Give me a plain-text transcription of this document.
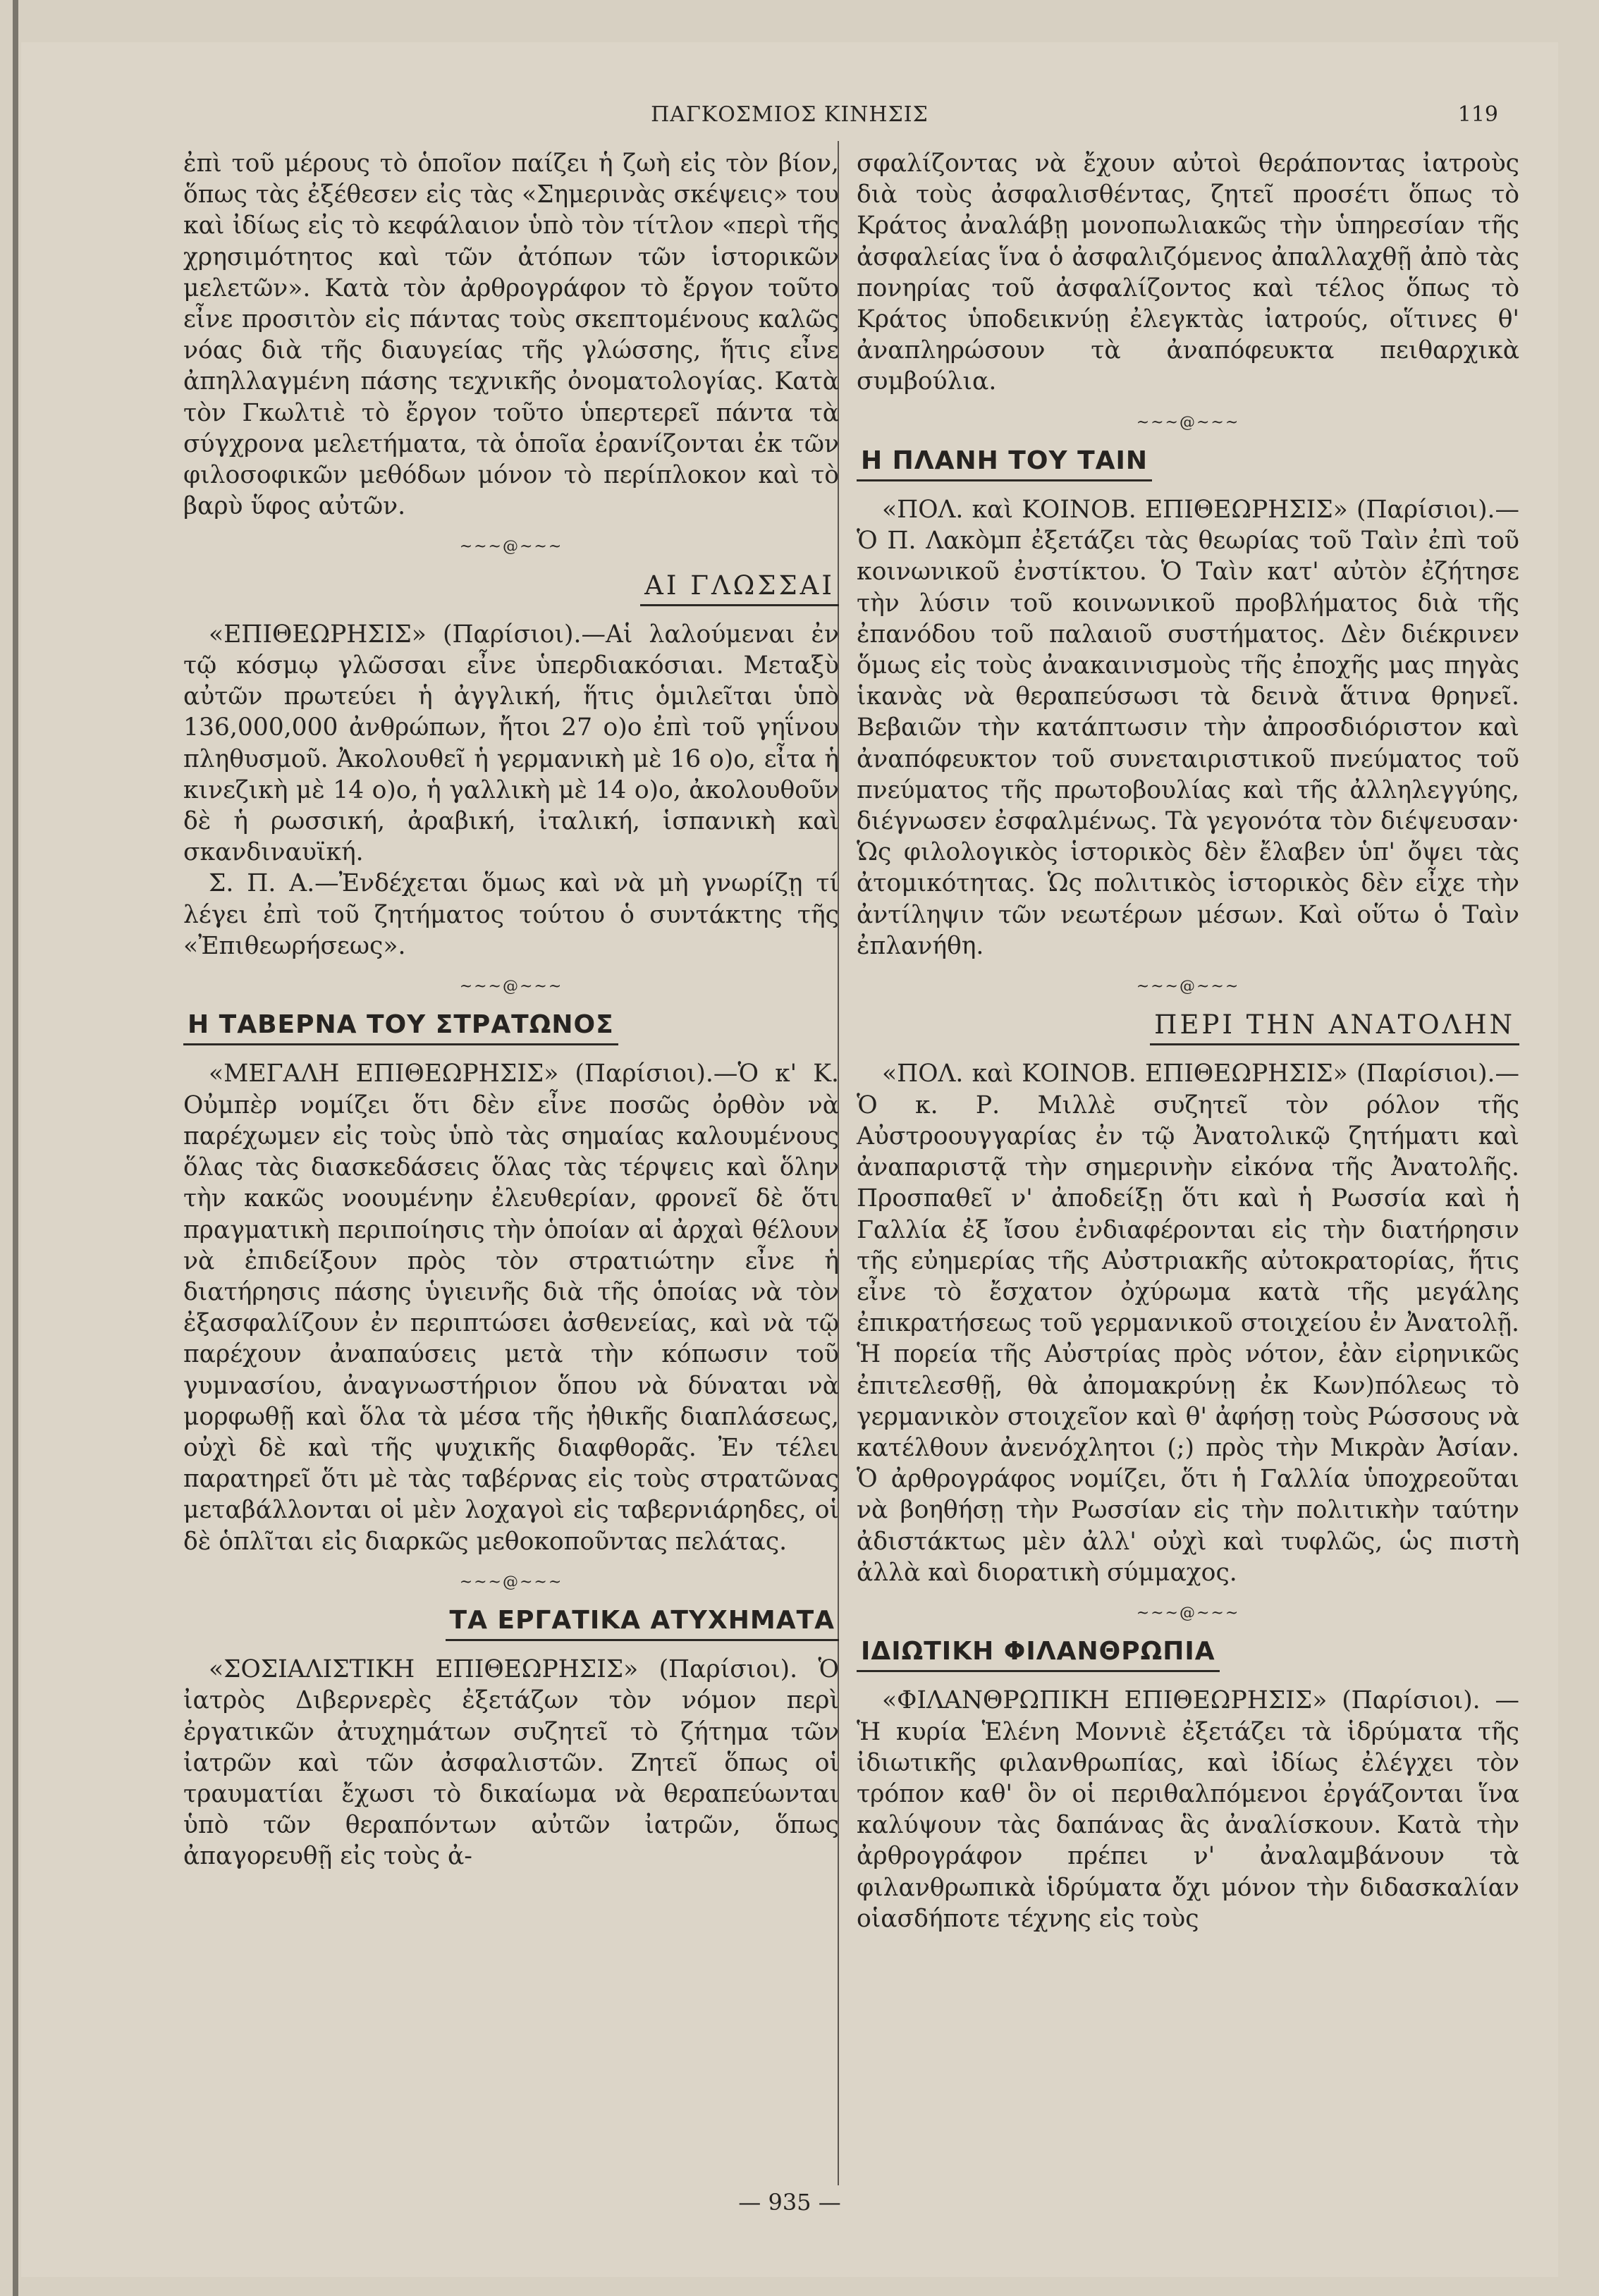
ΠΑΓΚΟΣΜΙΟΣ ΚΙΝΗΣΙΣ	119

ἐπὶ τοῦ μέρους τὸ ὁποῖον παίζει ἡ ζωὴ εἰς τὸν βίον, ὅπως τὰς ἐξέθεσεν εἰς τὰς «Σημερινὰς σκέψεις» του καὶ ἰδίως εἰς τὸ κεφάλαιον ὑπὸ τὸν τίτλον «περὶ τῆς χρησιμότητος καὶ τῶν ἀτόπων τῶν ἱστορικῶν μελετῶν». Κατὰ τὸν ἀρθρογράφον τὸ ἔργον τοῦτο εἶνε προσιτὸν εἰς πάντας τοὺς σκεπτομένους καλῶς νόας διὰ τῆς διαυγείας τῆς γλώσσης, ἥτις εἶνε ἀπηλλαγμένη πάσης τεχνικῆς ὀνοματολογίας. Κατὰ τὸν Γκωλτιὲ τὸ ἔργον τοῦτο ὑπερτερεῖ πάντα τὰ σύγχρονα μελετήματα, τὰ ὁποῖα ἐρανίζονται ἐκ τῶν φιλοσοφικῶν μεθόδων μόνον τὸ περίπλοκον καὶ τὸ βαρὺ ὕφος αὐτῶν.

~~~@~~~
ΑΙ ΓΛΩΣΣΑΙ

«ΕΠΙΘΕΩΡΗΣΙΣ» (Παρίσιοι).—Αἱ λαλούμεναι ἐν τῷ κόσμῳ γλῶσσαι εἶνε ὑπερδιακόσιαι. Μεταξὺ αὐτῶν πρωτεύει ἡ ἀγγλική, ἥτις ὁμιλεῖται ὑπὸ 136,000,000 ἀνθρώπων, ἤτοι 27 ο)ο ἐπὶ τοῦ γηΐνου πληθυσμοῦ. Ἀκολουθεῖ ἡ γερμανικὴ μὲ 16 ο)ο, εἶτα ἡ κινεζικὴ μὲ 14 ο)ο, ἡ γαλλικὴ μὲ 14 ο)ο, ἀκολουθοῦν δὲ ἡ ρωσσική, ἀραβική, ἰταλική, ἱσπανικὴ καὶ σκανδιναυϊκή.

Σ. Π. Α.—Ἐνδέχεται ὅμως καὶ νὰ μὴ γνωρίζῃ τί λέγει ἐπὶ τοῦ ζητήματος τούτου ὁ συντάκτης τῆς «Ἐπιθεωρήσεως».

~~~@~~~
Η ΤΑΒΕΡΝΑ ΤΟΥ ΣΤΡΑΤΩΝΟΣ

«ΜΕΓΑΛΗ ΕΠΙΘΕΩΡΗΣΙΣ» (Παρίσιοι).—Ὁ κ' Κ. Οὐμπὲρ νομίζει ὅτι δὲν εἶνε ποσῶς ὀρθὸν νὰ παρέχωμεν εἰς τοὺς ὑπὸ τὰς σημαίας καλουμένους ὅλας τὰς διασκεδάσεις ὅλας τὰς τέρψεις καὶ ὅλην τὴν κακῶς νοουμένην ἐλευθερίαν, φρονεῖ δὲ ὅτι πραγματικὴ περιποίησις τὴν ὁποίαν αἱ ἀρχαὶ θέλουν νὰ ἐπιδείξουν πρὸς τὸν στρατιώτην εἶνε ἡ διατήρησις πάσης ὑγιεινῆς διὰ τῆς ὁποίας νὰ τὸν ἐξασφαλίζουν ἐν περιπτώσει ἀσθενείας, καὶ νὰ τῷ παρέχουν ἀναπαύσεις μετὰ τὴν κόπωσιν τοῦ γυμνασίου, ἀναγνωστήριον ὅπου νὰ δύναται νὰ μορφωθῇ καὶ ὅλα τὰ μέσα τῆς ἠθικῆς διαπλάσεως, οὐχὶ δὲ καὶ τῆς ψυχικῆς διαφθορᾶς. Ἐν τέλει παρατηρεῖ ὅτι μὲ τὰς ταβέρνας εἰς τοὺς στρατῶνας μεταβάλλονται οἱ μὲν λοχαγοὶ εἰς ταβερνιάρηδες, οἱ δὲ ὁπλῖται εἰς διαρκῶς μεθοκοποῦντας πελάτας.

~~~@~~~
ΤΑ ΕΡΓΑΤΙΚΑ ΑΤΥΧΗΜΑΤΑ

«ΣΟΣΙΑΛΙΣΤΙΚΗ ΕΠΙΘΕΩΡΗΣΙΣ» (Παρίσιοι). Ὁ ἰατρὸς Διβερνερὲς ἐξετάζων τὸν νόμον περὶ ἐργατικῶν ἀτυχημάτων συζητεῖ τὸ ζήτημα τῶν ἰατρῶν καὶ τῶν ἀσφαλιστῶν. Ζητεῖ ὅπως οἱ τραυματίαι ἔχωσι τὸ δικαίωμα νὰ θεραπεύωνται ὑπὸ τῶν θεραπόντων αὐτῶν ἰατρῶν, ὅπως ἀπαγορευθῇ εἰς τοὺς ἀ-

σφαλίζοντας νὰ ἔχουν αὐτοὶ θεράποντας ἰατροὺς διὰ τοὺς ἀσφαλισθέντας, ζητεῖ προσέτι ὅπως τὸ Κράτος ἀναλάβῃ μονοπωλιακῶς τὴν ὑπηρεσίαν τῆς ἀσφαλείας ἵνα ὁ ἀσφαλιζόμενος ἀπαλλαχθῇ ἀπὸ τὰς πονηρίας τοῦ ἀσφαλίζοντος καὶ τέλος ὅπως τὸ Κράτος ὑποδεικνύῃ ἐλεγκτὰς ἰατρούς, οἵτινες θ' ἀναπληρώσουν τὰ ἀναπόφευκτα πειθαρχικὰ συμβούλια.

~~~@~~~
Η ΠΛΑΝΗ ΤΟΥ ΤΑΙΝ

«ΠΟΛ. καὶ ΚΟΙΝΟΒ. ΕΠΙΘΕΩΡΗΣΙΣ» (Παρίσιοι).— Ὁ Π. Λακὸμπ ἐξετάζει τὰς θεωρίας τοῦ Ταὶν ἐπὶ τοῦ κοινωνικοῦ ἐνστίκτου. Ὁ Ταὶν κατ' αὐτὸν ἐζήτησε τὴν λύσιν τοῦ κοινωνικοῦ προβλήματος διὰ τῆς ἐπανόδου τοῦ παλαιοῦ συστήματος. Δὲν διέκρινεν ὅμως εἰς τοὺς ἀνακαινισμοὺς τῆς ἐποχῆς μας πηγὰς ἱκανὰς νὰ θεραπεύσωσι τὰ δεινὰ ἅτινα θρηνεῖ. Βεβαιῶν τὴν κατάπτωσιν τὴν ἀπροσδιόριστον καὶ ἀναπόφευκτον τοῦ συνεταιριστικοῦ πνεύματος τοῦ πνεύματος τῆς πρωτοβουλίας καὶ τῆς ἀλληλεγγύης, διέγνωσεν ἐσφαλμένως. Τὰ γεγονότα τὸν διέψευσαν· Ὡς φιλολογικὸς ἱστορικὸς δὲν ἔλαβεν ὑπ' ὄψει τὰς ἀτομικότητας. Ὡς πολιτικὸς ἱστορικὸς δὲν εἶχε τὴν ἀντίληψιν τῶν νεωτέρων μέσων. Καὶ οὕτω ὁ Ταὶν ἐπλανήθη.

~~~@~~~
ΠΕΡΙ ΤΗΝ ΑΝΑΤΟΛΗΝ

«ΠΟΛ. καὶ ΚΟΙΝΟΒ. ΕΠΙΘΕΩΡΗΣΙΣ» (Παρίσιοι).— Ὁ κ. Ρ. Μιλλὲ συζητεῖ τὸν ρόλον τῆς Αὐστροουγγαρίας ἐν τῷ Ἀνατολικῷ ζητήματι καὶ ἀναπαριστᾷ τὴν σημερινὴν εἰκόνα τῆς Ἀνατολῆς. Προσπαθεῖ ν' ἀποδείξῃ ὅτι καὶ ἡ Ρωσσία καὶ ἡ Γαλλία ἐξ ἴσου ἐνδιαφέρονται εἰς τὴν διατήρησιν τῆς εὐημερίας τῆς Αὐστριακῆς αὐτοκρατορίας, ἥτις εἶνε τὸ ἔσχατον ὀχύρωμα κατὰ τῆς μεγάλης ἐπικρατήσεως τοῦ γερμανικοῦ στοιχείου ἐν Ἀνατολῇ. Ἡ πορεία τῆς Αὐστρίας πρὸς νότον, ἐὰν εἰρηνικῶς ἐπιτελεσθῇ, θὰ ἀπομακρύνῃ ἐκ Κων)πόλεως τὸ γερμανικὸν στοιχεῖον καὶ θ' ἀφήσῃ τοὺς Ρώσσους νὰ κατέλθουν ἀνενόχλητοι (;) πρὸς τὴν Μικρὰν Ἀσίαν. Ὁ ἀρθρογράφος νομίζει, ὅτι ἡ Γαλλία ὑποχρεοῦται νὰ βοηθήσῃ τὴν Ρωσσίαν εἰς τὴν πολιτικὴν ταύτην ἀδιστάκτως μὲν ἀλλ' οὐχὶ καὶ τυφλῶς, ὡς πιστὴ ἀλλὰ καὶ διορατικὴ σύμμαχος.

~~~@~~~
ΙΔΙΩΤΙΚΗ ΦΙΛΑΝΘΡΩΠΙΑ

«ΦΙΛΑΝΘΡΩΠΙΚΗ ΕΠΙΘΕΩΡΗΣΙΣ» (Παρίσιοι). —Ἡ κυρία Ἑλένη Μοννιὲ ἐξετάζει τὰ ἱδρύματα τῆς ἰδιωτικῆς φιλανθρωπίας, καὶ ἰδίως ἐλέγχει τὸν τρόπον καθ' ὃν οἱ περιθαλπόμενοι ἐργάζονται ἵνα καλύψουν τὰς δαπάνας ἃς ἀναλίσκουν. Κατὰ τὴν ἀρθρογράφον πρέπει ν' ἀναλαμβάνουν τὰ φιλανθρωπικὰ ἱδρύματα ὄχι μόνον τὴν διδασκαλίαν οἱασδήποτε τέχνης εἰς τοὺς

— 935 —
